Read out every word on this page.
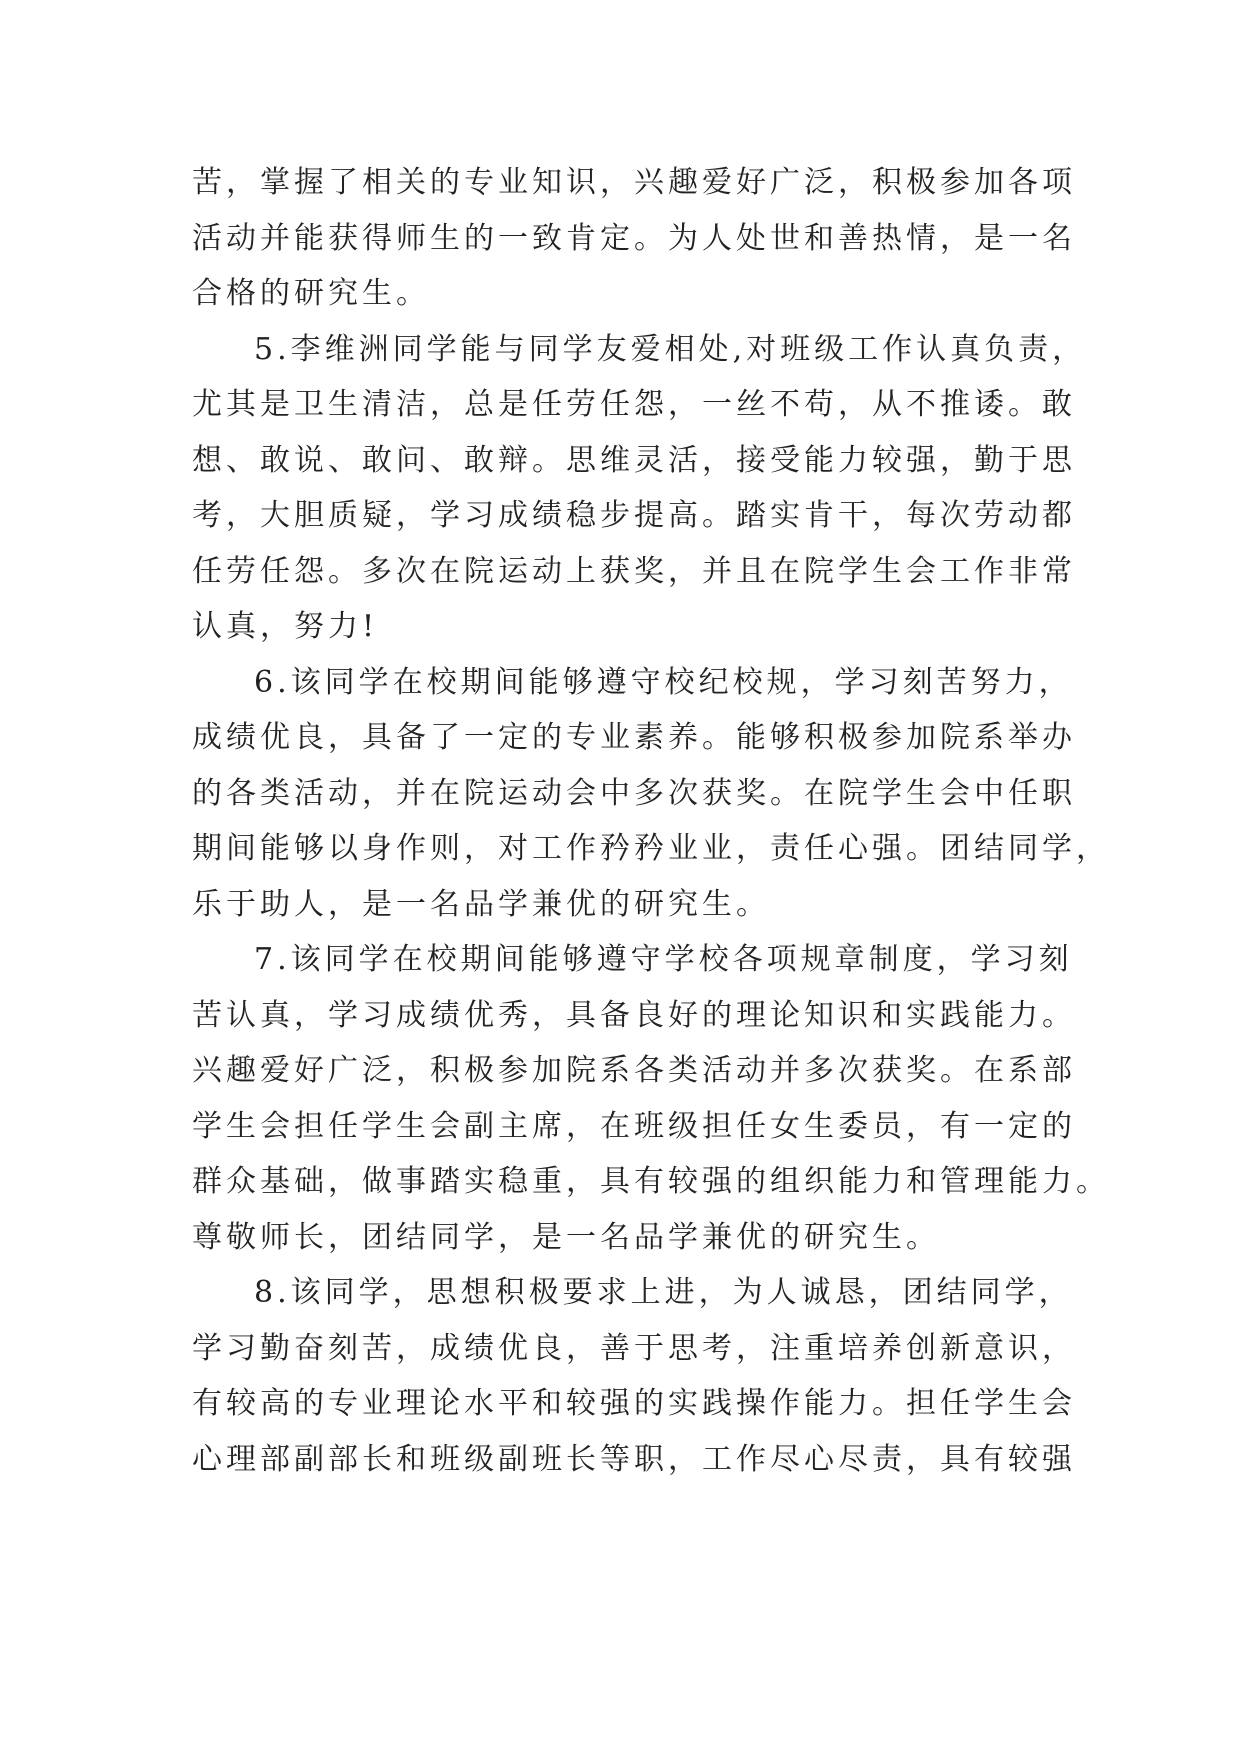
苦，掌握了相关的专业知识，兴趣爱好广泛，积极参加各项
活动并能获得师生的一致肯定。为人处世和善热情，是一名
合格的研究生。
5.李维洲同学能与同学友爱相处,对班级工作认真负责，
尤其是卫生清洁，总是任劳任怨，一丝不苟，从不推诿。敢
想、敢说、敢问、敢辩。思维灵活，接受能力较强，勤于思
考，大胆质疑，学习成绩稳步提高。踏实肯干，每次劳动都
任劳任怨。多次在院运动上获奖，并且在院学生会工作非常
认真，努力!
6.该同学在校期间能够遵守校纪校规，学习刻苦努力，
成绩优良，具备了一定的专业素养。能够积极参加院系举办
的各类活动，并在院运动会中多次获奖。在院学生会中任职
期间能够以身作则，对工作矜矜业业，责任心强。团结同学，
乐于助人，是一名品学兼优的研究生。
7.该同学在校期间能够遵守学校各项规章制度，学习刻
苦认真，学习成绩优秀，具备良好的理论知识和实践能力。
兴趣爱好广泛，积极参加院系各类活动并多次获奖。在系部
学生会担任学生会副主席，在班级担任女生委员，有一定的
群众基础，做事踏实稳重，具有较强的组织能力和管理能力。
尊敬师长，团结同学，是一名品学兼优的研究生。
8.该同学，思想积极要求上进，为人诚恳，团结同学，
学习勤奋刻苦，成绩优良，善于思考，注重培养创新意识，
有较高的专业理论水平和较强的实践操作能力。担任学生会
心理部副部长和班级副班长等职，工作尽心尽责，具有较强
